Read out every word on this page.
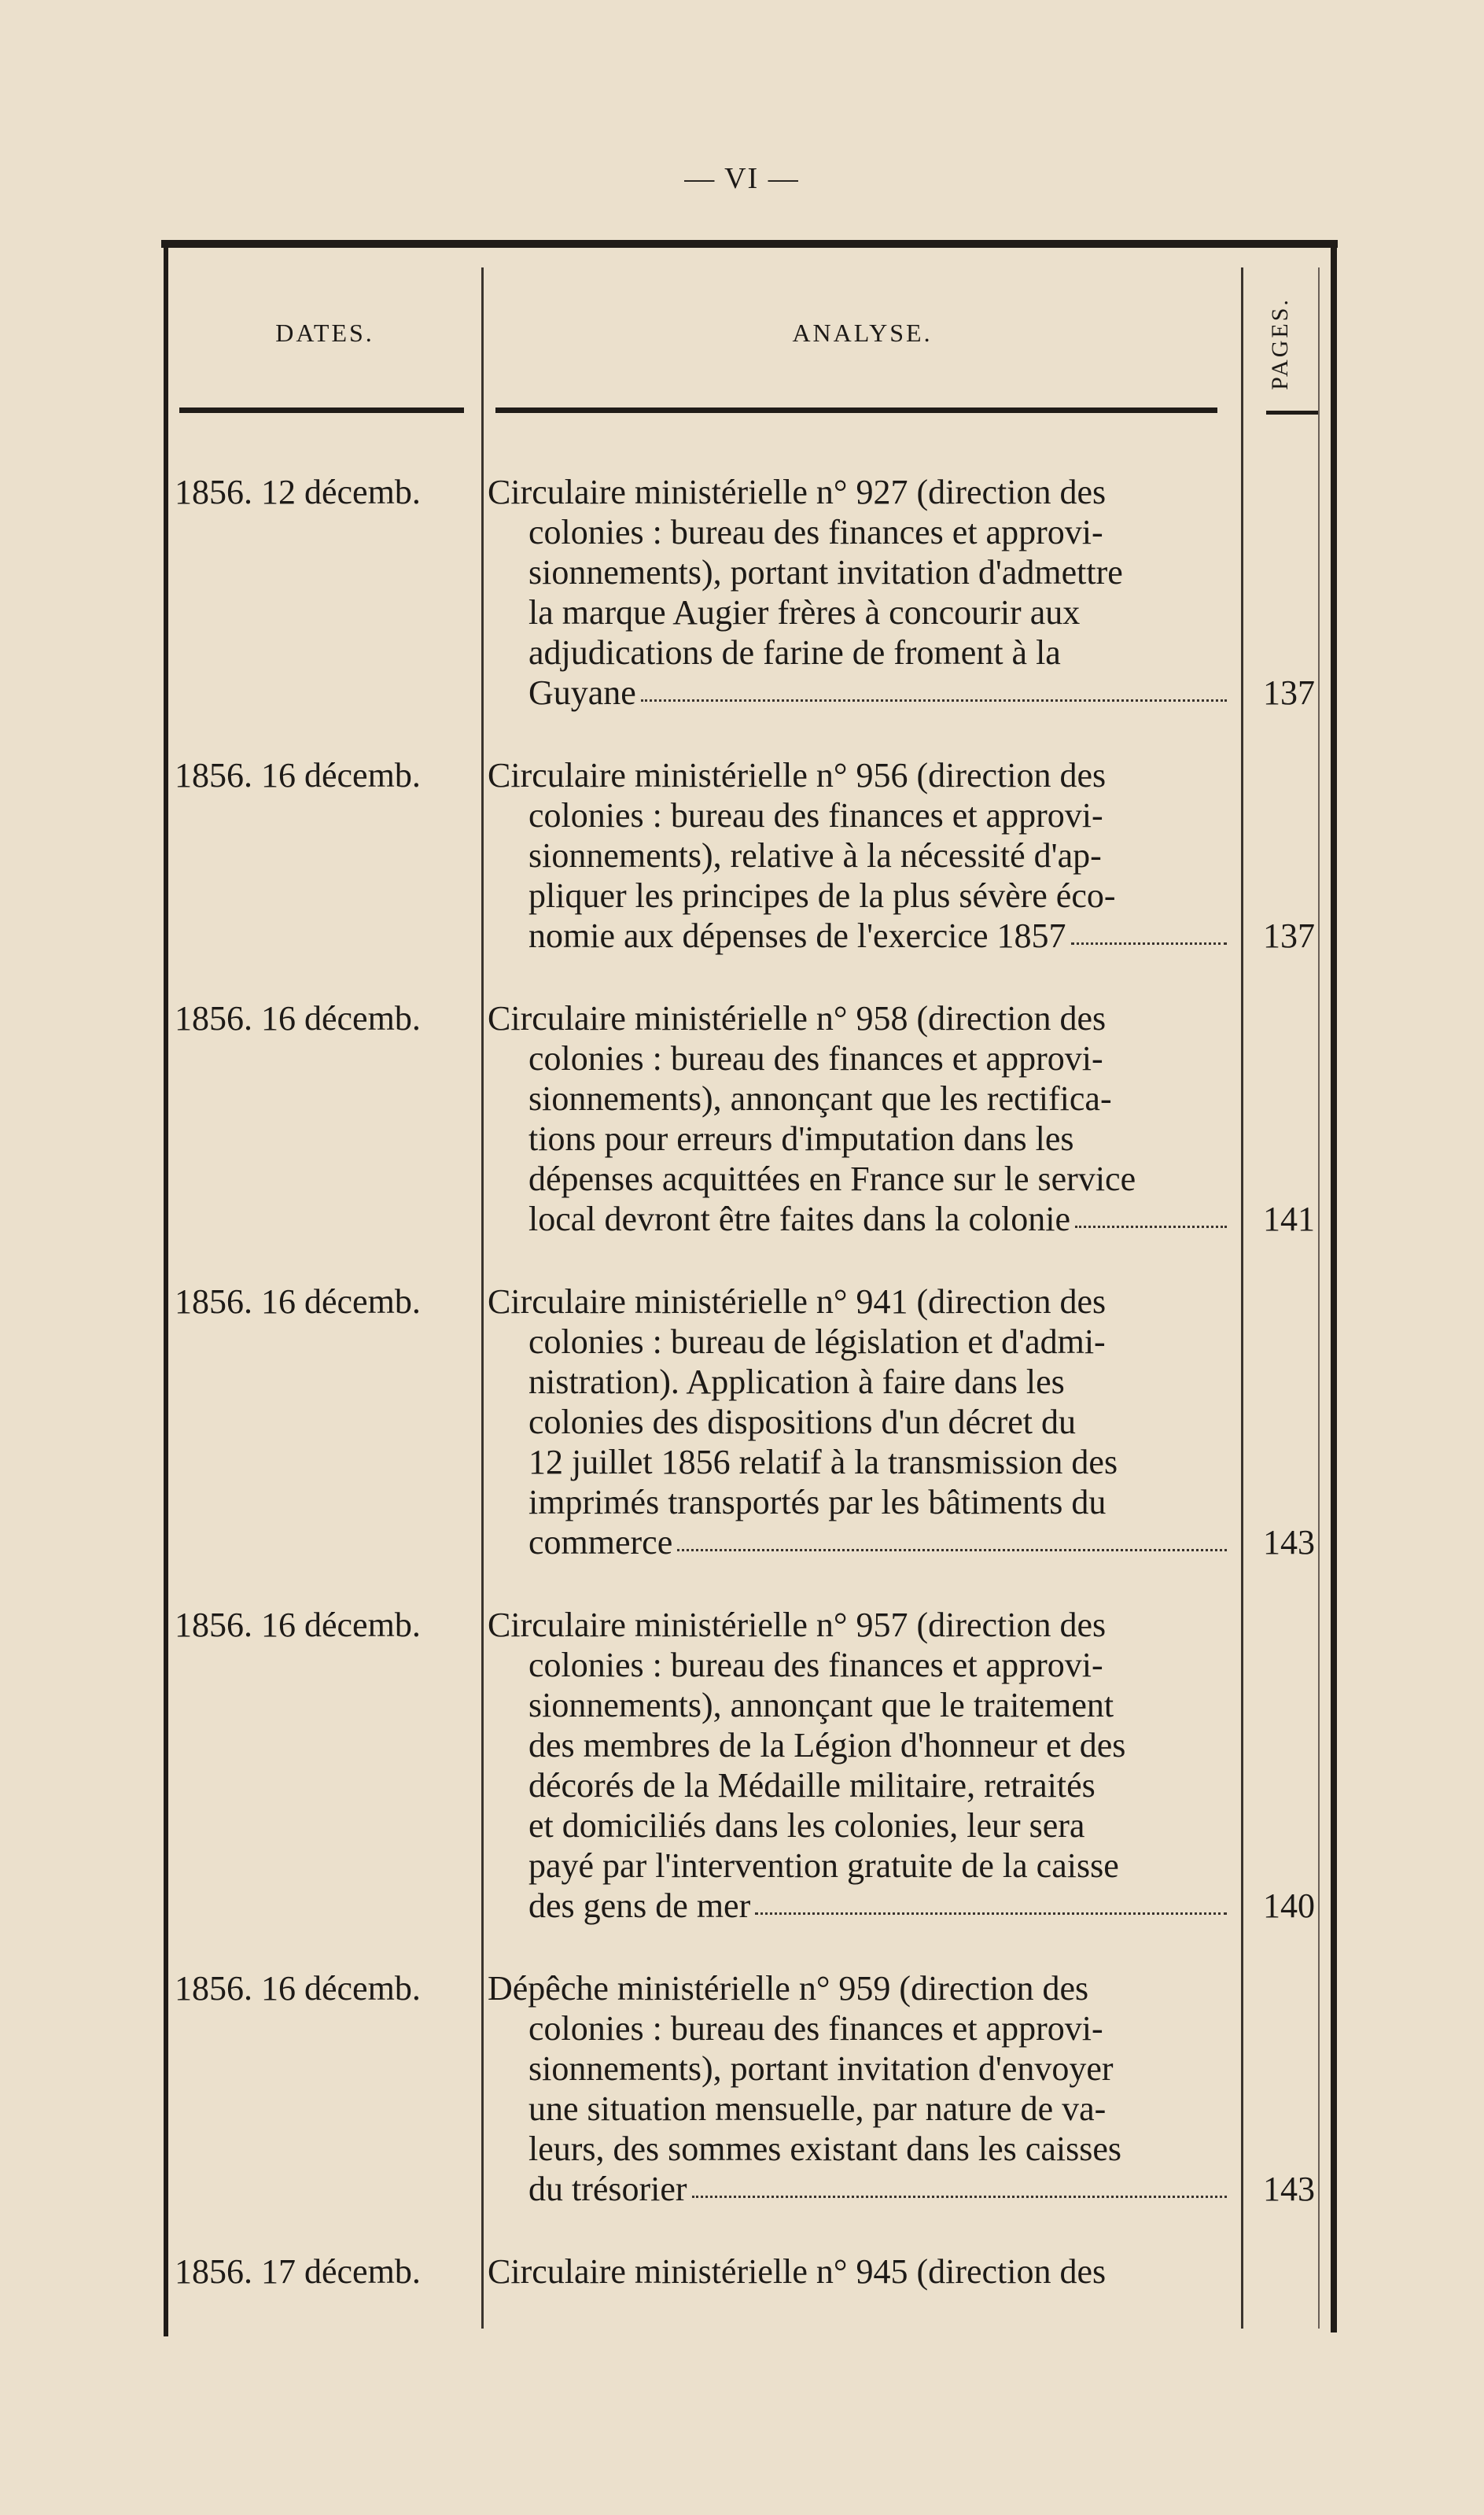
— VI —
DATES.	ANALYSE.	PAGES.
1856. 12 décemb.	Circulaire ministérielle n° 927 (direction des
colonies : bureau des finances et approvi-
sionnements), portant invitation d'admettre
la marque Augier frères à concourir aux
adjudications de farine de froment à la
Guyane	137
1856. 16 décemb.	Circulaire ministérielle n° 956 (direction des
colonies : bureau des finances et approvi-
sionnements), relative à la nécessité d'ap-
pliquer les principes de la plus sévère éco-
nomie aux dépenses de l'exercice 1857	137
1856. 16 décemb.	Circulaire ministérielle n° 958 (direction des
colonies : bureau des finances et approvi-
sionnements), annonçant que les rectifica-
tions pour erreurs d'imputation dans les
dépenses acquittées en France sur le service
local devront être faites dans la colonie	141
1856. 16 décemb.	Circulaire ministérielle n° 941 (direction des
colonies : bureau de législation et d'admi-
nistration). Application à faire dans les
colonies des dispositions d'un décret du
12 juillet 1856 relatif à la transmission des
imprimés transportés par les bâtiments du
commerce	143
1856. 16 décemb.	Circulaire ministérielle n° 957 (direction des
colonies : bureau des finances et approvi-
sionnements), annonçant que le traitement
des membres de la Légion d'honneur et des
décorés de la Médaille militaire, retraités
et domiciliés dans les colonies, leur sera
payé par l'intervention gratuite de la caisse
des gens de mer	140
1856. 16 décemb.	Dépêche ministérielle n° 959 (direction des
colonies : bureau des finances et approvi-
sionnements), portant invitation d'envoyer
une situation mensuelle, par nature de va-
leurs, des sommes existant dans les caisses
du trésorier	143
1856. 17 décemb.	Circulaire ministérielle n° 945 (direction des
